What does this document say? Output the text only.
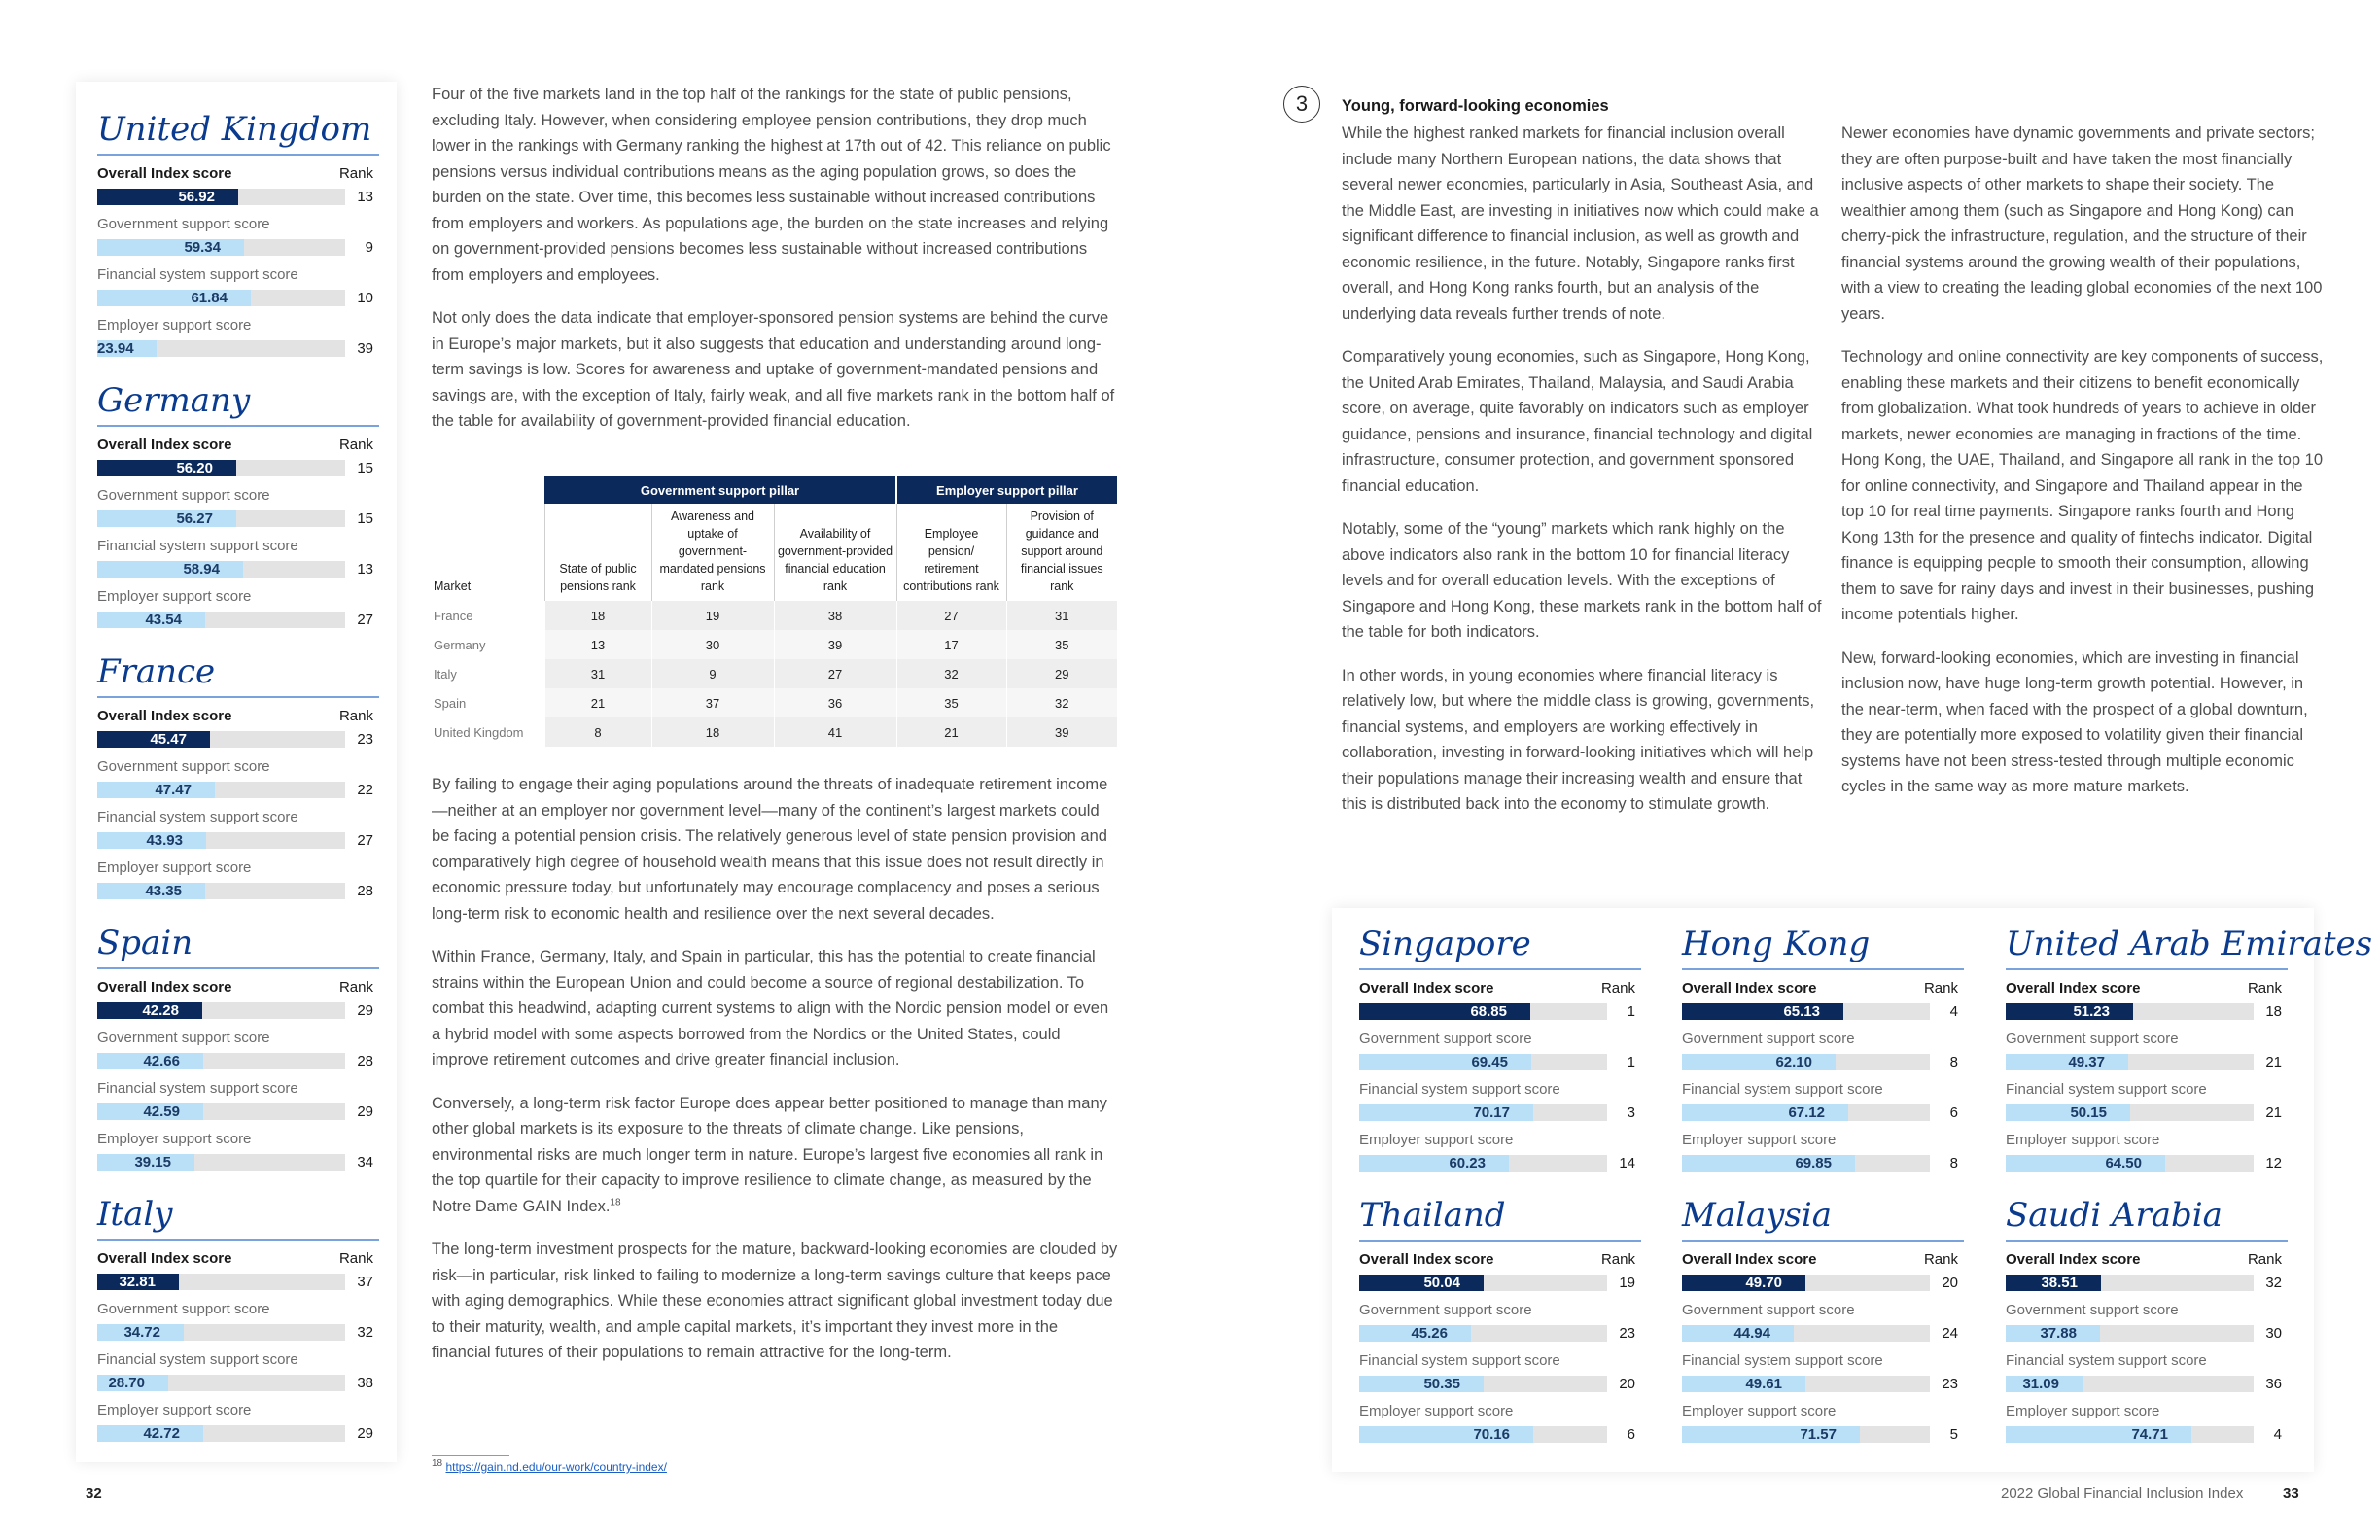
United Kingdom
Overall Index score	Rank
56.92	13
Government support score
59.34	9
Financial system support score
61.84	10
Employer support score
23.94	39
Germany
Overall Index score	Rank
56.20	15
Government support score
56.27	15
Financial system support score
58.94	13
Employer support score
43.54	27
France
Overall Index score	Rank
45.47	23
Government support score
47.47	22
Financial system support score
43.93	27
Employer support score
43.35	28
Spain
Overall Index score	Rank
42.28	29
Government support score
42.66	28
Financial system support score
42.59	29
Employer support score
39.15	34
Italy
Overall Index score	Rank
32.81	37
Government support score
34.72	32
Financial system support score
28.70	38
Employer support score
42.72	29

Four of the five markets land in the top half of the rankings for the state of public pensions, excluding Italy. However, when considering employee pension contributions, they drop much lower in the rankings with Germany ranking the highest at 17th out of 42. This reliance on public pensions versus individual contributions means as the aging population grows, so does the burden on the state. Over time, this becomes less sustainable without increased contributions from employers and workers. As populations age, the burden on the state increases and relying on government-provided pensions becomes less sustainable without increased contributions from employers and employees.

Not only does the data indicate that employer-sponsored pension systems are behind the curve in Europe’s major markets, but it also suggests that education and understanding around long-term savings is low. Scores for awareness and uptake of government-mandated pensions and savings are, with the exception of Italy, fairly weak, and all five markets rank in the bottom half of the table for availability of government-provided financial education.

	Government support pillar			Employer support pillar	
Market	State of public pensions rank	Awareness and uptake of government-mandated pensions rank	Availability of government-provided financial education rank	Employee pension/ retirement contributions rank	Provision of guidance and support around financial issues rank
France	18	19	38	27	31
Germany	13	30	39	17	35
Italy	31	9	27	32	29
Spain	21	37	36	35	32
United Kingdom	8	18	41	21	39

By failing to engage their aging populations around the threats of inadequate retirement income—neither at an employer nor government level—many of the continent’s largest markets could be facing a potential pension crisis. The relatively generous level of state pension provision and comparatively high degree of household wealth means that this issue does not result directly in economic pressure today, but unfortunately may encourage complacency and poses a serious long-term risk to economic health and resilience over the next several decades.

Within France, Germany, Italy, and Spain in particular, this has the potential to create financial strains within the European Union and could become a source of regional destabilization. To combat this headwind, adapting current systems to align with the Nordic pension model or even a hybrid model with some aspects borrowed from the Nordics or the United States, could improve retirement outcomes and drive greater financial inclusion.

Conversely, a long-term risk factor Europe does appear better positioned to manage than many other global markets is its exposure to the threats of climate change. Like pensions, environmental risks are much longer term in nature. Europe’s largest five economies all rank in the top quartile for their capacity to improve resilience to climate change, as measured by the Notre Dame GAIN Index.$^{18}$

The long-term investment prospects for the mature, backward-looking economies are clouded by risk—in particular, risk linked to failing to modernize a long-term savings culture that keeps pace with aging demographics. While these economies attract significant global investment today due to their maturity, wealth, and ample capital markets, it’s important they invest more in the financial futures of their populations to remain attractive for the long-term.

$^{18}$ https://gain.nd.edu/our-work/country-index/
3	Young, forward-looking economies

While the highest ranked markets for financial inclusion overall include many Northern European nations, the data shows that several newer economies, particularly in Asia, Southeast Asia, and the Middle East, are investing in initiatives now which could make a significant difference to financial inclusion, as well as growth and economic resilience, in the future. Notably, Singapore ranks first overall, and Hong Kong ranks fourth, but an analysis of the underlying data reveals further trends of note.

Comparatively young economies, such as Singapore, Hong Kong, the United Arab Emirates, Thailand, Malaysia, and Saudi Arabia score, on average, quite favorably on indicators such as employer guidance, pensions and insurance, financial technology and digital infrastructure, consumer protection, and government sponsored financial education.

Notably, some of the “young” markets which rank highly on the above indicators also rank in the bottom 10 for financial literacy levels and for overall education levels. With the exceptions of Singapore and Hong Kong, these markets rank in the bottom half of the table for both indicators.

In other words, in young economies where financial literacy is relatively low, but where the middle class is growing, governments, financial systems, and employers are working effectively in collaboration, investing in forward-looking initiatives which will help their populations manage their increasing wealth and ensure that this is distributed back into the economy to stimulate growth.

Newer economies have dynamic governments and private sectors; they are often purpose-built and have taken the most financially inclusive aspects of other markets to shape their society. The wealthier among them (such as Singapore and Hong Kong) can cherry-pick the infrastructure, regulation, and the structure of their financial systems around the growing wealth of their populations, with a view to creating the leading global economies of the next 100 years.

Technology and online connectivity are key components of success, enabling these markets and their citizens to benefit economically from globalization. What took hundreds of years to achieve in older markets, newer economies are managing in fractions of the time. Hong Kong, the UAE, Thailand, and Singapore all rank in the top 10 for online connectivity, and Singapore and Thailand appear in the top 10 for real time payments. Singapore ranks fourth and Hong Kong 13th for the presence and quality of fintechs indicator. Digital finance is equipping people to smooth their consumption, allowing them to save for rainy days and invest in their businesses, pushing income potentials higher.

New, forward-looking economies, which are investing in financial inclusion now, have huge long-term growth potential. However, in the near-term, when faced with the prospect of a global downturn, they are potentially more exposed to volatility given their financial systems have not been stress-tested through multiple economic cycles in the same way as more mature markets.

Singapore
Overall Index score	Rank
68.85	1
Government support score
69.45	1
Financial system support score
70.17	3
Employer support score
60.23	14
Hong Kong
Overall Index score	Rank
65.13	4
Government support score
62.10	8
Financial system support score
67.12	6
Employer support score
69.85	8
United Arab Emirates
Overall Index score	Rank
51.23	18
Government support score
49.37	21
Financial system support score
50.15	21
Employer support score
64.50	12
Thailand
Overall Index score	Rank
50.04	19
Government support score
45.26	23
Financial system support score
50.35	20
Employer support score
70.16	6
Malaysia
Overall Index score	Rank
49.70	20
Government support score
44.94	24
Financial system support score
49.61	23
Employer support score
71.57	5
Saudi Arabia
Overall Index score	Rank
38.51	32
Government support score
37.88	30
Financial system support score
31.09	36
Employer support score
74.71	4
32	2022 Global Financial Inclusion Index	33
